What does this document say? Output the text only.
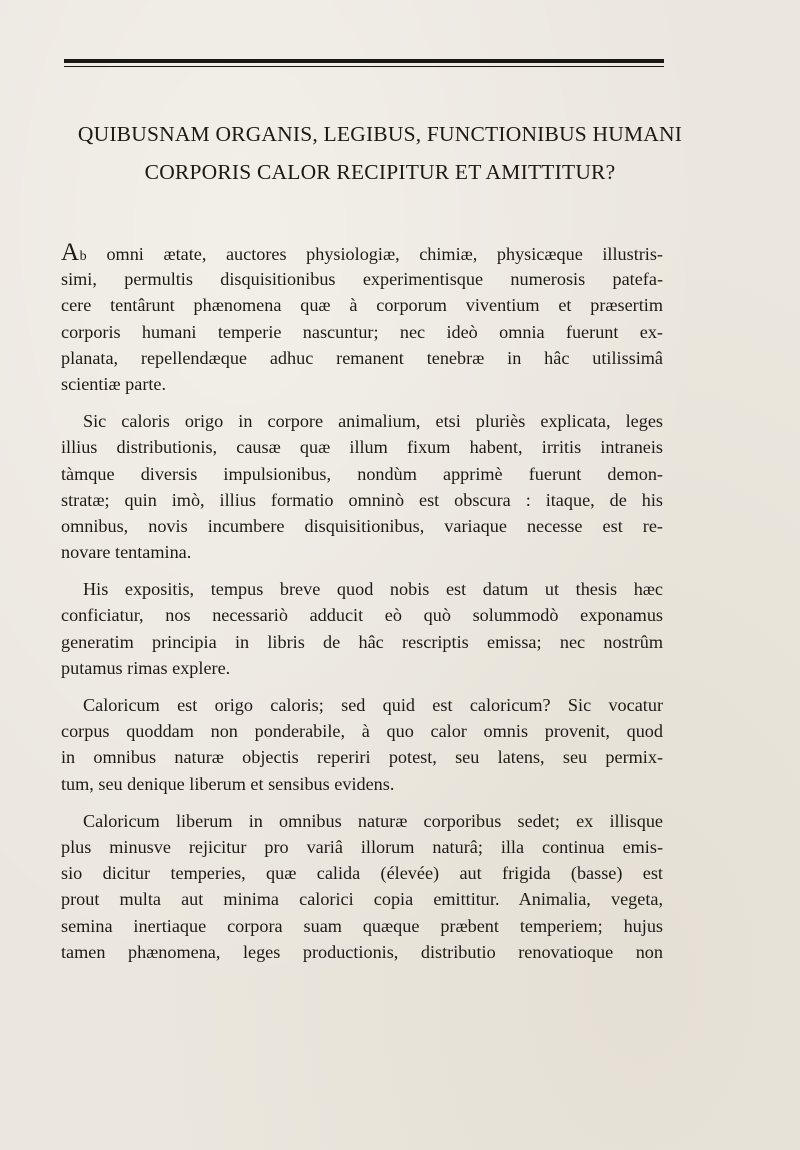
QUIBUSNAM ORGANIS, LEGIBUS, FUNCTIONIBUS HUMANI
CORPORIS CALOR RECIPITUR ET AMITTITUR?
Ab omni ætate, auctores physiologiæ, chimiæ, physicæque illustris-
simi, permultis disquisitionibus experimentisque numerosis patefa-
cere tentârunt phænomena quæ à corporum viventium et præsertim
corporis humani temperie nascuntur; nec ideò omnia fuerunt ex-
planata, repellendæque adhuc remanent tenebræ in hâc utilissimâ
scientiæ parte.
Sic caloris origo in corpore animalium, etsi pluriès explicata, leges
illius distributionis, causæ quæ illum fixum habent, irritis intraneis
tàmque diversis impulsionibus, nondùm apprimè fuerunt demon-
stratæ; quin imò, illius formatio omninò est obscura : itaque, de his
omnibus, novis incumbere disquisitionibus, variaque necesse est re-
novare tentamina.
His expositis, tempus breve quod nobis est datum ut thesis hæc
conficiatur, nos necessariò adducit eò quò solummodò exponamus
generatim principia in libris de hâc rescriptis emissa; nec nostrûm
putamus rimas explere.
Caloricum est origo caloris; sed quid est caloricum? Sic vocatur
corpus quoddam non ponderabile, à quo calor omnis provenit, quod
in omnibus naturæ objectis reperiri potest, seu latens, seu permix-
tum, seu denique liberum et sensibus evidens.
Caloricum liberum in omnibus naturæ corporibus sedet; ex illisque
plus minusve rejicitur pro variâ illorum naturâ; illa continua emis-
sio dicitur temperies, quæ calida (élevée) aut frigida (basse) est
prout multa aut minima calorici copia emittitur. Animalia, vegeta,
semina inertiaque corpora suam quæque præbent temperiem; hujus
tamen phænomena, leges productionis, distributio renovatioque non
